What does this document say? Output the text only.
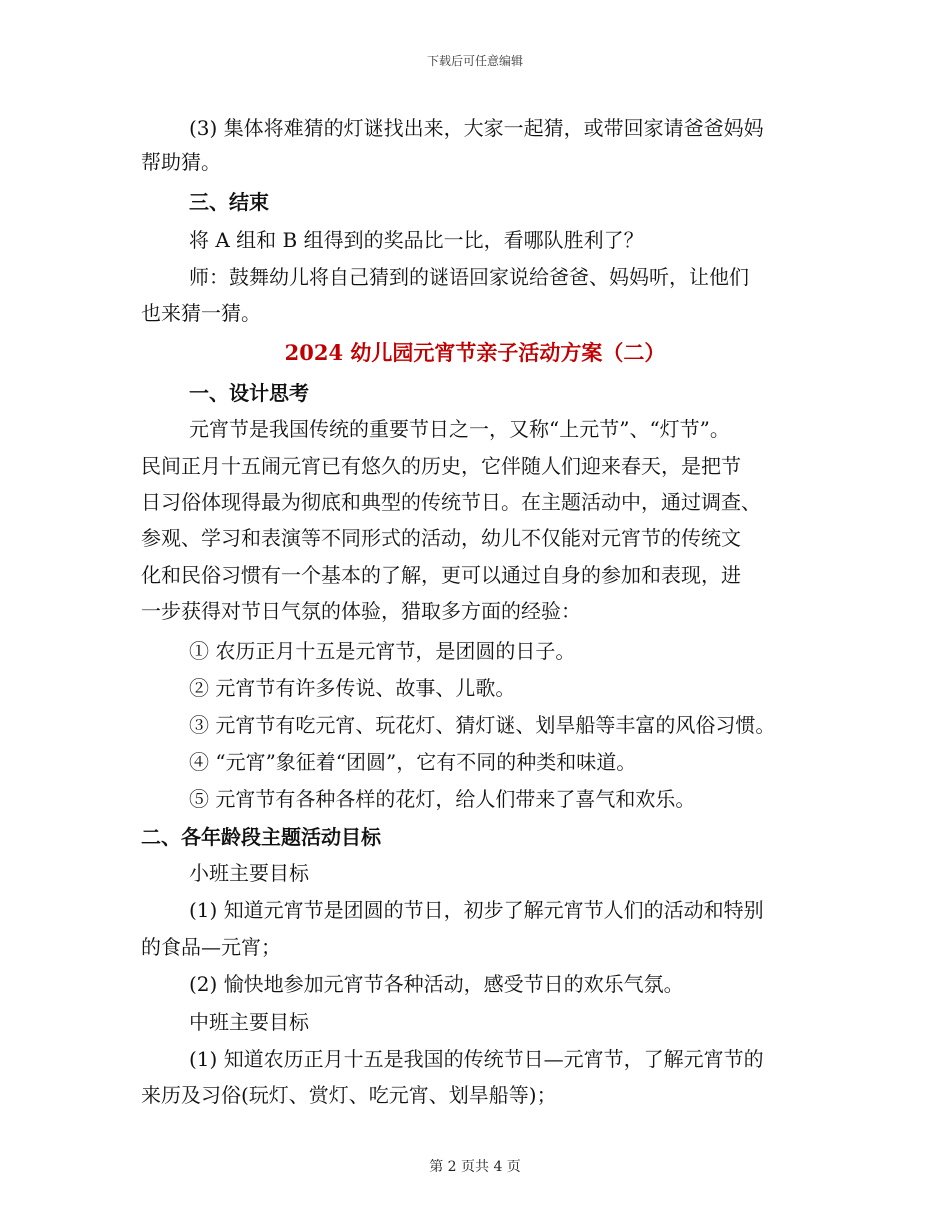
下载后可任意编辑
(3) 集体将难猜的灯谜找出来，大家一起猜，或带回家请爸爸妈妈
帮助猜。
三、结束
将 A 组和 B 组得到的奖品比一比，看哪队胜利了？
师：鼓舞幼儿将自己猜到的谜语回家说给爸爸、妈妈听，让他们
也来猜一猜。
2024 幼儿园元宵节亲子活动方案（二）
一、设计思考
元宵节是我国传统的重要节日之一，又称“上元节”、“灯节”。
民间正月十五闹元宵已有悠久的历史，它伴随人们迎来春天，是把节
日习俗体现得最为彻底和典型的传统节日。在主题活动中，通过调查、
参观、学习和表演等不同形式的活动，幼儿不仅能对元宵节的传统文
化和民俗习惯有一个基本的了解，更可以通过自身的参加和表现，进
一步获得对节日气氛的体验，猎取多方面的经验：
① 农历正月十五是元宵节，是团圆的日子。
② 元宵节有许多传说、故事、儿歌。
③ 元宵节有吃元宵、玩花灯、猜灯谜、划旱船等丰富的风俗习惯。
④ “元宵”象征着“团圆”，它有不同的种类和味道。
⑤ 元宵节有各种各样的花灯，给人们带来了喜气和欢乐。
二、各年龄段主题活动目标
小班主要目标
(1) 知道元宵节是团圆的节日，初步了解元宵节人们的活动和特别
的食品—元宵；
(2) 愉快地参加元宵节各种活动，感受节日的欢乐气氛。
中班主要目标
(1) 知道农历正月十五是我国的传统节日—元宵节，了解元宵节的
来历及习俗(玩灯、赏灯、吃元宵、划旱船等)；
第 2 页共 4 页
